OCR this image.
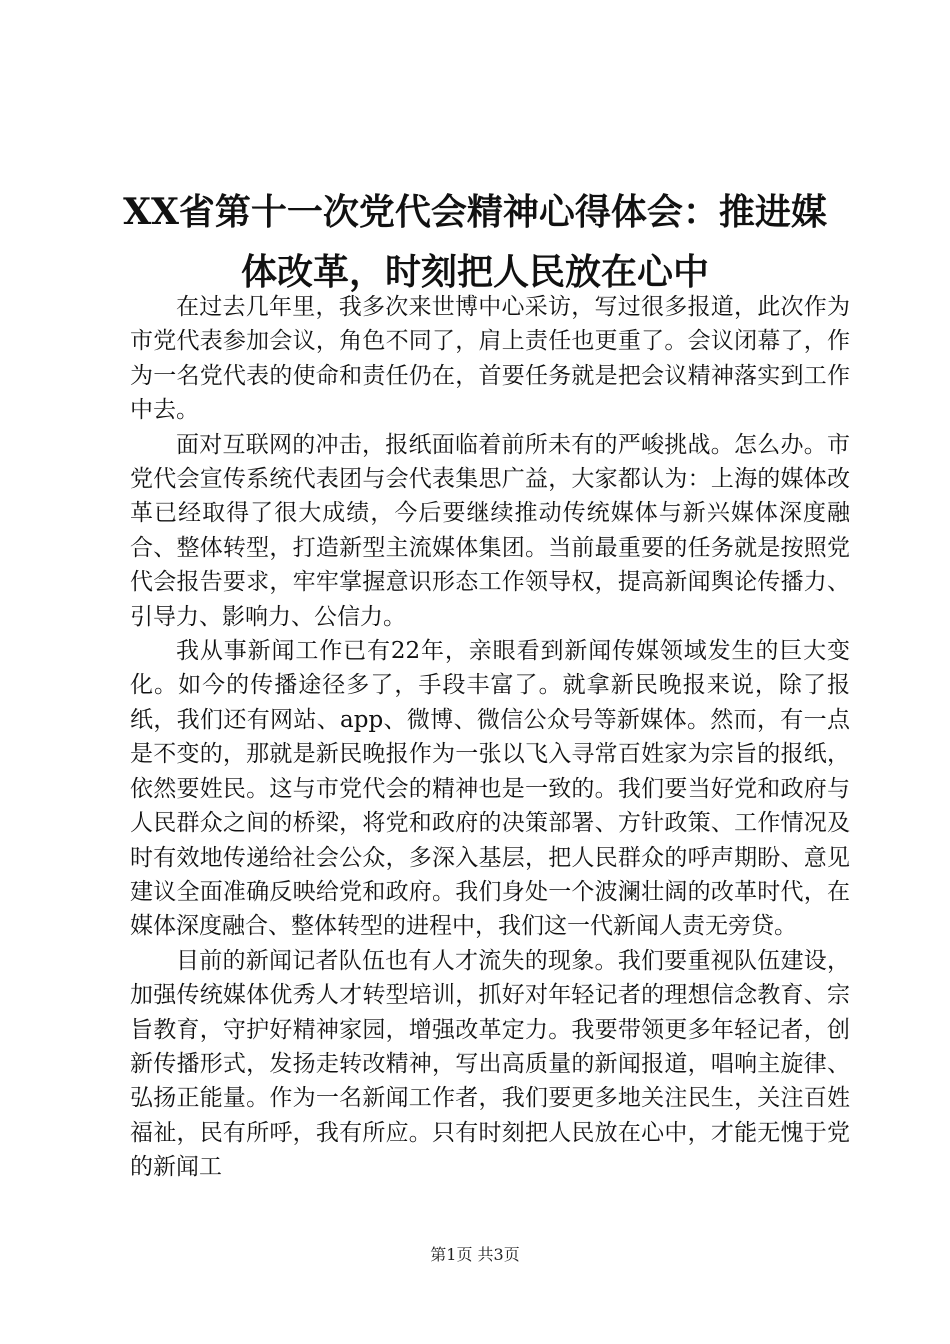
XX省第十一次党代会精神心得体会：推进媒
体改革，时刻把人民放在心中

在过去几年里，我多次来世博中心采访，写过很多报道，此次作为市党代表参加会议，角色不同了，肩上责任也更重了。会议闭幕了，作为一名党代表的使命和责任仍在，首要任务就是把会议精神落实到工作中去。

面对互联网的冲击，报纸面临着前所未有的严峻挑战。怎么办。市党代会宣传系统代表团与会代表集思广益，大家都认为：上海的媒体改革已经取得了很大成绩，今后要继续推动传统媒体与新兴媒体深度融合、整体转型，打造新型主流媒体集团。当前最重要的任务就是按照党代会报告要求，牢牢掌握意识形态工作领导权，提高新闻舆论传播力、引导力、影响力、公信力。

我从事新闻工作已有22年，亲眼看到新闻传媒领域发生的巨大变化。如今的传播途径多了，手段丰富了。就拿新民晚报来说，除了报纸，我们还有网站、app、微博、微信公众号等新媒体。然而，有一点是不变的，那就是新民晚报作为一张以飞入寻常百姓家为宗旨的报纸，依然要姓民。这与市党代会的精神也是一致的。我们要当好党和政府与人民群众之间的桥梁，将党和政府的决策部署、方针政策、工作情况及时有效地传递给社会公众，多深入基层，把人民群众的呼声期盼、意见建议全面准确反映给党和政府。我们身处一个波澜壮阔的改革时代，在媒体深度融合、整体转型的进程中，我们这一代新闻人责无旁贷。

目前的新闻记者队伍也有人才流失的现象。我们要重视队伍建设，加强传统媒体优秀人才转型培训，抓好对年轻记者的理想信念教育、宗旨教育，守护好精神家园，增强改革定力。我要带领更多年轻记者，创新传播形式，发扬走转改精神，写出高质量的新闻报道，唱响主旋律、弘扬正能量。作为一名新闻工作者，我们要更多地关注民生，关注百姓福祉，民有所呼，我有所应。只有时刻把人民放在心中，才能无愧于党的新闻工

第1页 共3页
